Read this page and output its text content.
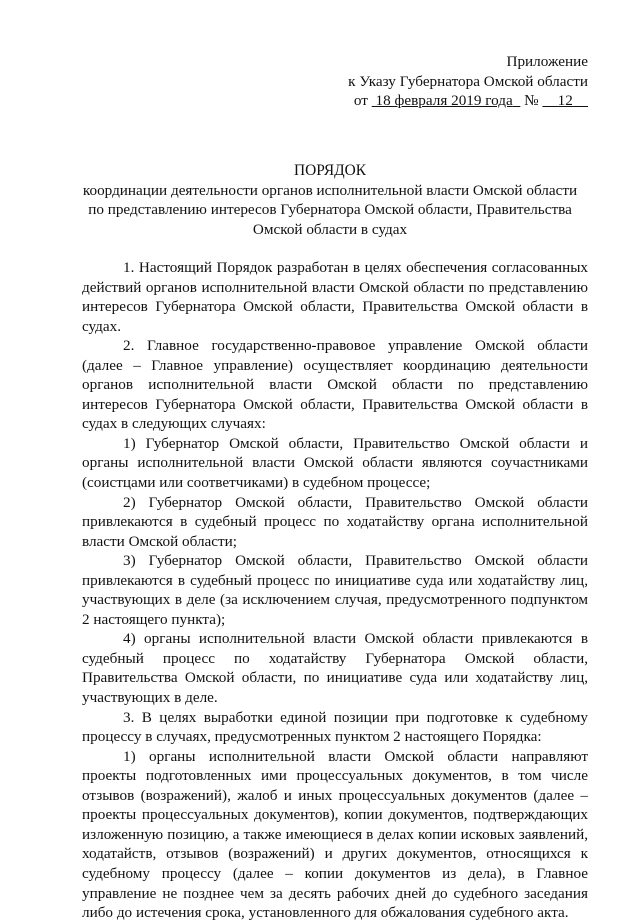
Приложение
к Указу Губернатора Омской области
от 18 февраля 2019 года № 12
ПОРЯДОК
координации деятельности органов исполнительной власти Омской области
по представлению интересов Губернатора Омской области, Правительства
Омской области в судах

1. Настоящий Порядок разработан в целях обеспечения согласованных действий органов исполнительной власти Омской области по представлению интересов Губернатора Омской области, Правительства Омской области в судах.

2. Главное государственно-правовое управление Омской области (далее – Главное управление) осуществляет координацию деятельности органов исполнительной власти Омской области по представлению интересов Губернатора Омской области, Правительства Омской области в судах в следующих случаях:

1) Губернатор Омской области, Правительство Омской области и органы исполнительной власти Омской области являются соучастниками (соистцами или соответчиками) в судебном процессе;

2) Губернатор Омской области, Правительство Омской области привлекаются в судебный процесс по ходатайству органа исполнительной власти Омской области;

3) Губернатор Омской области, Правительство Омской области привлекаются в судебный процесс по инициативе суда или ходатайству лиц, участвующих в деле (за исключением случая, предусмотренного подпунктом 2 настоящего пункта);

4) органы исполнительной власти Омской области привлекаются в судебный процесс по ходатайству Губернатора Омской области, Правительства Омской области, по инициативе суда или ходатайству лиц, участвующих в деле.

3. В целях выработки единой позиции при подготовке к судебному процессу в случаях, предусмотренных пунктом 2 настоящего Порядка:

1) органы исполнительной власти Омской области направляют проекты подготовленных ими процессуальных документов, в том числе отзывов (возражений), жалоб и иных процессуальных документов (далее – проекты процессуальных документов), копии документов, подтверждающих изложенную позицию, а также имеющиеся в делах копии исковых заявлений, ходатайств, отзывов (возражений) и других документов, относящихся к судебному процессу (далее – копии документов из дела), в Главное управление не позднее чем за десять рабочих дней до судебного заседания либо до истечения срока, установленного для обжалования судебного акта.
